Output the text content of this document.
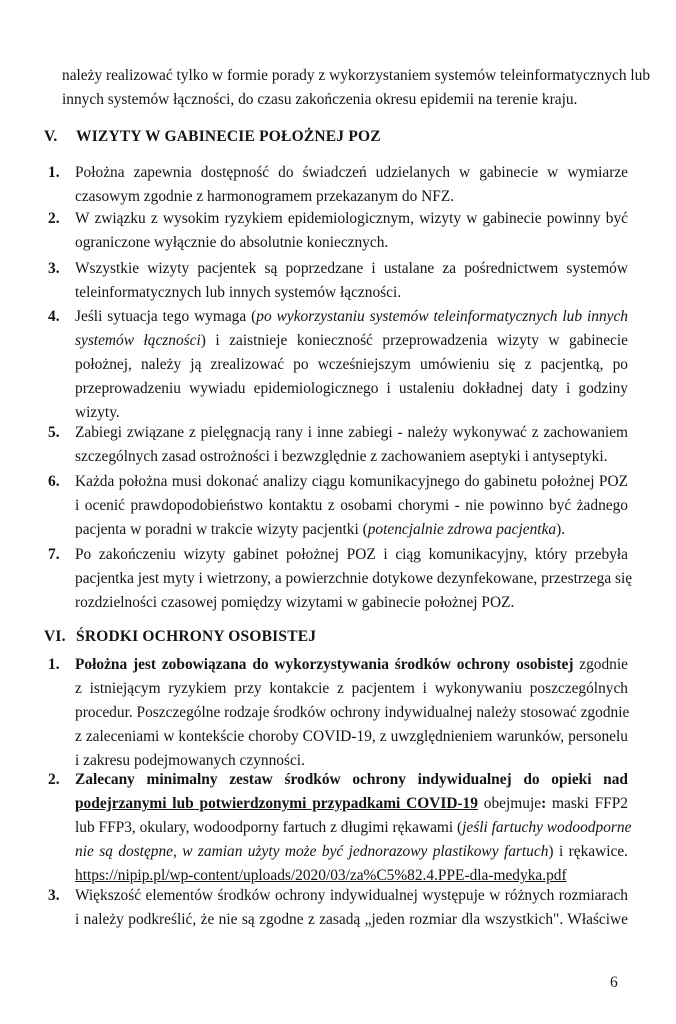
należy realizować tylko w formie porady z wykorzystaniem systemów teleinformatycznych lub
innych systemów łączności, do czasu zakończenia okresu epidemii na terenie kraju.

V. WIZYTY W GABINECIE POŁOŻNEJ POZ
1. Położna zapewnia dostępność do świadczeń udzielanych w gabinecie w wymiarze
czasowym zgodnie z harmonogramem przekazanym do NFZ.

2. W związku z wysokim ryzykiem epidemiologicznym, wizyty w gabinecie powinny być
ograniczone wyłącznie do absolutnie koniecznych.

3. Wszystkie wizyty pacjentek są poprzedzane i ustalane za pośrednictwem systemów
teleinformatycznych lub innych systemów łączności.

4. Jeśli sytuacja tego wymaga (po wykorzystaniu systemów teleinformatycznych lub innych
systemów łączności) i zaistnieje konieczność przeprowadzenia wizyty w gabinecie
położnej, należy ją zrealizować po wcześniejszym umówieniu się z pacjentką, po
przeprowadzeniu wywiadu epidemiologicznego i ustaleniu dokładnej daty i godziny
wizyty.

5. Zabiegi związane z pielęgnacją rany i inne zabiegi - należy wykonywać z zachowaniem
szczególnych zasad ostrożności i bezwzględnie z zachowaniem aseptyki i antyseptyki.

6. Każda położna musi dokonać analizy ciągu komunikacyjnego do gabinetu położnej POZ
i ocenić prawdopodobieństwo kontaktu z osobami chorymi - nie powinno być żadnego
pacjenta w poradni w trakcie wizyty pacjentki (potencjalnie zdrowa pacjentka).

7. Po zakończeniu wizyty gabinet położnej POZ i ciąg komunikacyjny, który przebyła
pacjentka jest myty i wietrzony, a powierzchnie dotykowe dezynfekowane, przestrzega się
rozdzielności czasowej pomiędzy wizytami w gabinecie położnej POZ.

VI. ŚRODKI OCHRONY OSOBISTEJ
1. Położna jest zobowiązana do wykorzystywania środków ochrony osobistej zgodnie
z istniejącym ryzykiem przy kontakcie z pacjentem i wykonywaniu poszczególnych
procedur. Poszczególne rodzaje środków ochrony indywidualnej należy stosować zgodnie
z zaleceniami w kontekście choroby COVID-19, z uwzględnieniem warunków, personelu
i zakresu podejmowanych czynności.

2. Zalecany minimalny zestaw środków ochrony indywidualnej do opieki nad
podejrzanymi lub potwierdzonymi przypadkami COVID-19 obejmuje: maski FFP2
lub FFP3, okulary, wodoodporny fartuch z długimi rękawami (jeśli fartuchy wodoodporne
nie są dostępne, w zamian użyty może być jednorazowy plastikowy fartuch) i rękawice.
https://nipip.pl/wp-content/uploads/2020/03/za%C5%82.4.PPE-dla-medyka.pdf

3. Większość elementów środków ochrony indywidualnej występuje w różnych rozmiarach
i należy podkreślić, że nie są zgodne z zasadą „jeden rozmiar dla wszystkich". Właściwe

6
